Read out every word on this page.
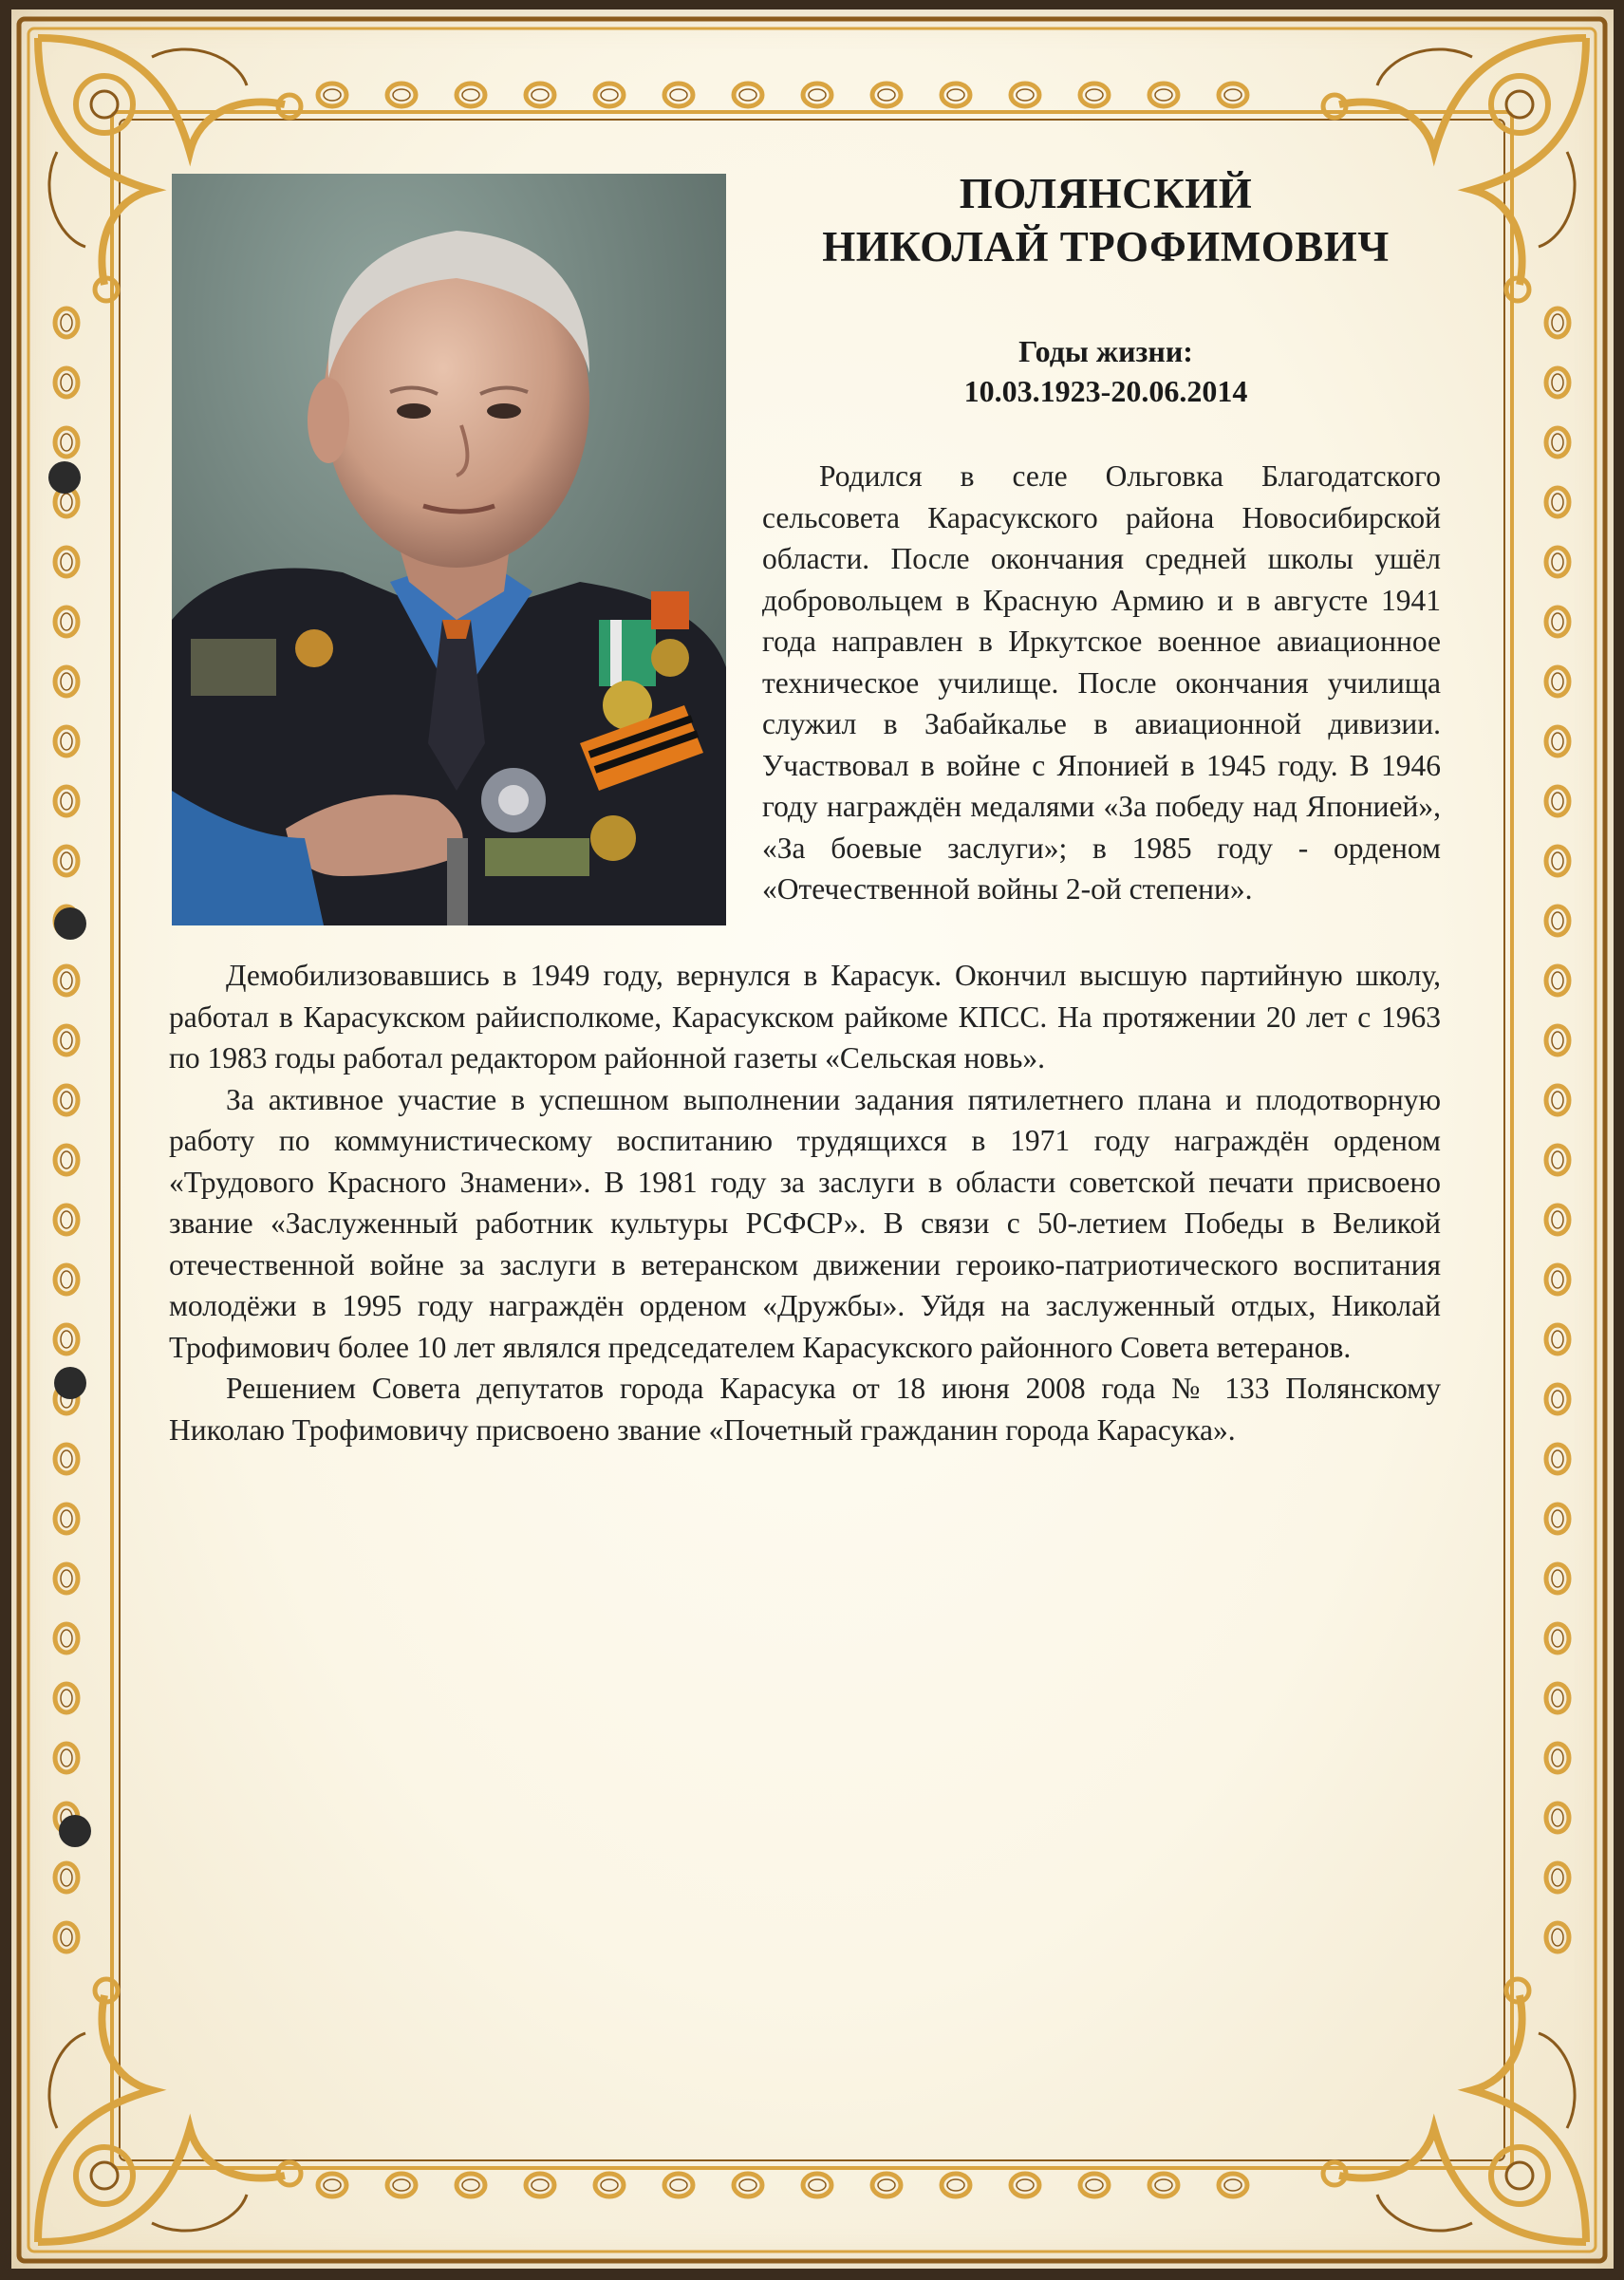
ПОЛЯНСКИЙ
НИКОЛАЙ ТРОФИМОВИЧ
Годы жизни:
10.03.1923-20.06.2014

Родился в селе Ольговка Благодатского сельсовета Карасукского района Новосибирской области. После окончания средней школы ушёл добровольцем в Красную Армию и в августе 1941 года направлен в Иркутское военное авиационное техническое училище. После окончания училища служил в Забайкалье в авиационной дивизии. Участвовал в войне с Японией в 1945 году. В 1946 году награждён медалями «За победу над Японией», «За боевые заслуги»; в 1985 году - орденом «Отечественной войны 2-ой степени».

Демобилизовавшись в 1949 году, вернулся в Карасук. Окончил высшую партийную школу, работал в Карасукском райисполкоме, Карасукском райкоме КПСС. На протяжении 20 лет с 1963 по 1983 годы работал редактором районной газеты «Сельская новь».

За активное участие в успешном выполнении задания пятилетнего плана и плодотворную работу по коммунистическому воспитанию трудящихся в 1971 году награждён орденом «Трудового Красного Знамени». В 1981 году за заслуги в области советской печати присвоено звание «Заслуженный работник культуры РСФСР». В связи с 50-летием Победы в Великой отечественной войне за заслуги в ветеранском движении героико-патриотического воспитания молодёжи в 1995 году награждён орденом «Дружбы». Уйдя на заслуженный отдых, Николай Трофимович более 10 лет являлся председателем Карасукского районного Совета ветеранов.

Решением Совета депутатов города Карасука от 18 июня 2008 года № 133 Полянскому Николаю Трофимовичу присвоено звание «Почетный гражданин города Карасука».
